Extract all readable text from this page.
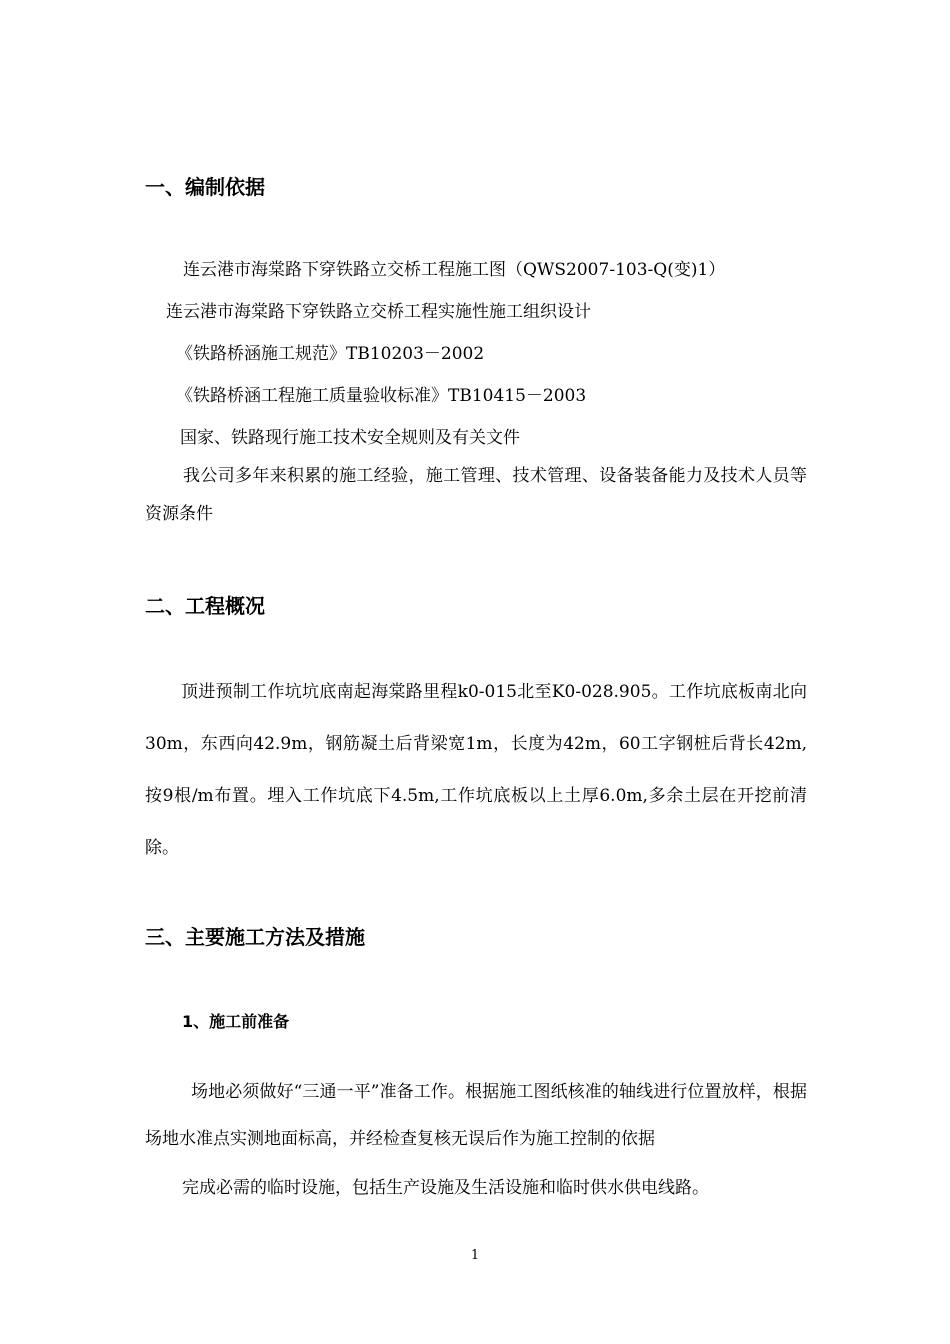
一、编制依据
连云港市海棠路下穿铁路立交桥工程施工图（QWS2007-103-Q(变)1）
连云港市海棠路下穿铁路立交桥工程实施性施工组织设计
《铁路桥涵施工规范》TB10203－2002
《铁路桥涵工程施工质量验收标准》TB10415－2003
国家、铁路现行施工技术安全规则及有关文件

我公司多年来积累的施工经验，施工管理、技术管理、设备装备能力及技术人员等资源条件

二、工程概况

顶进预制工作坑坑底南起海棠路里程k0-015北至K0-028.905。工作坑底板南北向30m，东西向42.9m，钢筋凝土后背梁宽1m，长度为42m，60工字钢桩后背长42m,按9根/m布置。埋入工作坑底下4.5m,工作坑底板以上土厚6.0m,多余土层在开挖前清除。

三、主要施工方法及措施
1、施工前准备

场地必须做好“三通一平”准备工作。根据施工图纸核准的轴线进行位置放样，根据场地水准点实测地面标高，并经检查复核无误后作为施工控制的依据

完成必需的临时设施，包括生产设施及生活设施和临时供水供电线路。
1
